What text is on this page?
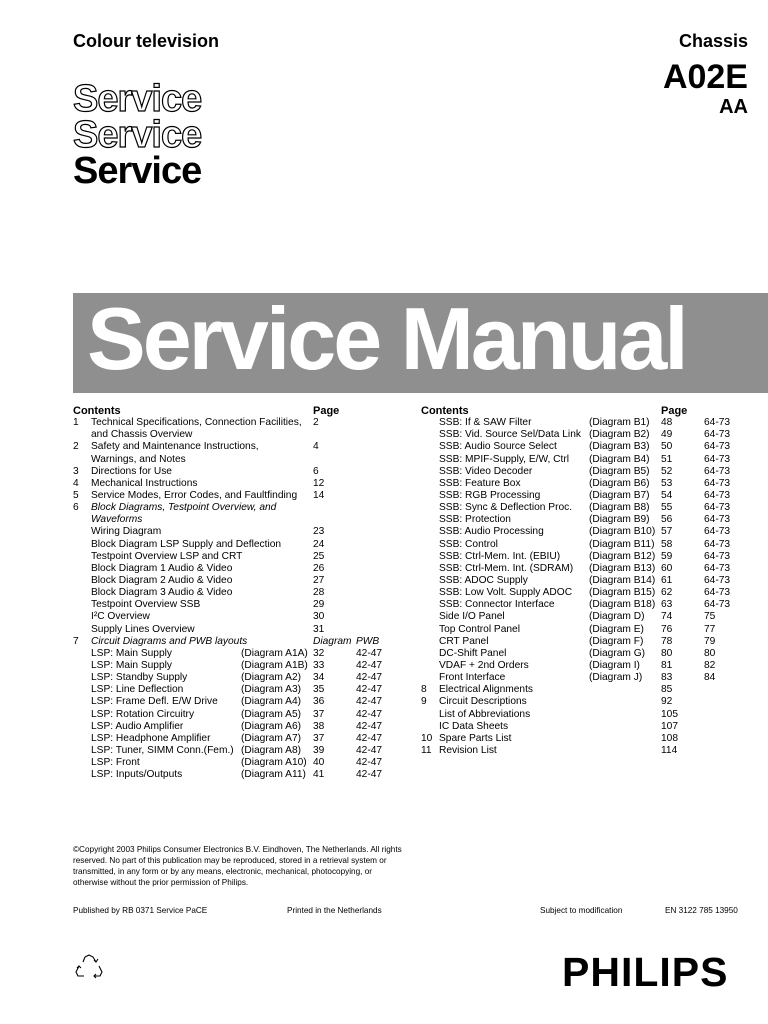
Colour television	Chassis
A02E
AA
Service
Service
Service
Service Manual
Contents	Page
1 Technical Specifications, Connection Facilities, 2
and Chassis Overview
2 Safety and Maintenance Instructions,	4
Warnings, and Notes
3 Directions for Use	6
4 Mechanical Instructions	12
5 Service Modes, Error Codes, and Faultfinding 14
6 Block Diagrams, Testpoint Overview, and
Waveforms
Wiring Diagram	23
Block Diagram LSP Supply and Deflection	24
Testpoint Overview LSP and CRT	25
Block Diagram 1 Audio & Video	26
Block Diagram 2 Audio & Video	27
Block Diagram 3 Audio & Video	28
Testpoint Overview SSB	29
I²C Overview	30
Supply Lines Overview	31
7 Circuit Diagrams and PWB layouts	Diagram PWB
LSP: Main Supply	(Diagram A1A) 32	42-47
LSP: Main Supply	(Diagram A1B) 33	42-47
LSP: Standby Supply	(Diagram A2) 34	42-47
LSP: Line Deflection	(Diagram A3) 35	42-47
LSP: Frame Defl. E/W Drive (Diagram A4) 36	42-47
LSP: Rotation Circuitry	(Diagram A5) 37	42-47
LSP: Audio Amplifier	(Diagram A6) 38	42-47
LSP: Headphone Amplifier	(Diagram A7) 37	42-47
LSP: Tuner, SIMM Conn.(Fem.) (Diagram A8) 39	42-47
LSP: Front	(Diagram A10) 40	42-47
LSP: Inputs/Outputs	(Diagram A11) 41	42-47
Contents	Page
SSB: If & SAW Filter	(Diagram B1) 48	64-73
SSB: Vid. Source Sel/Data Link (Diagram B2) 49	64-73
SSB: Audio Source Select	(Diagram B3) 50	64-73
SSB: MPIF-Supply, E/W, Ctrl (Diagram B4) 51	64-73
SSB: Video Decoder	(Diagram B5) 52	64-73
SSB: Feature Box	(Diagram B6) 53	64-73
SSB: RGB Processing	(Diagram B7) 54	64-73
SSB: Sync & Deflection Proc. (Diagram B8) 55	64-73
SSB: Protection	(Diagram B9) 56	64-73
SSB: Audio Processing	(Diagram B10) 57	64-73
SSB: Control	(Diagram B11) 58	64-73
SSB: Ctrl-Mem. Int. (EBIU)	(Diagram B12) 59	64-73
SSB: Ctrl-Mem. Int. (SDRAM) (Diagram B13) 60	64-73
SSB: ADOC Supply	(Diagram B14) 61	64-73
SSB: Low Volt. Supply ADOC (Diagram B15) 62	64-73
SSB: Connector Interface	(Diagram B18) 63	64-73
Side I/O Panel	(Diagram D) 74	75
Top Control Panel	(Diagram E) 76	77
CRT Panel	(Diagram F) 78	79
DC-Shift Panel	(Diagram G) 80	80
VDAF + 2nd Orders	(Diagram I) 81	82
Front Interface	(Diagram J) 83	84
8 Electrical Alignments	85
9 Circuit Descriptions	92
List of Abbreviations	105
IC Data Sheets	107
10 Spare Parts List	108
11 Revision List	114
©Copyright 2003 Philips Consumer Electronics B.V. Eindhoven, The Netherlands. All rights reserved. No part of this publication may be reproduced, stored in a retrieval system or transmitted, in any form or by any means, electronic, mechanical, photocopying, or otherwise without the prior permission of Philips.
Published by RB 0371 Service PaCE	Printed in the Netherlands	Subject to modification	EN 3122 785 13950
PHILIPS
